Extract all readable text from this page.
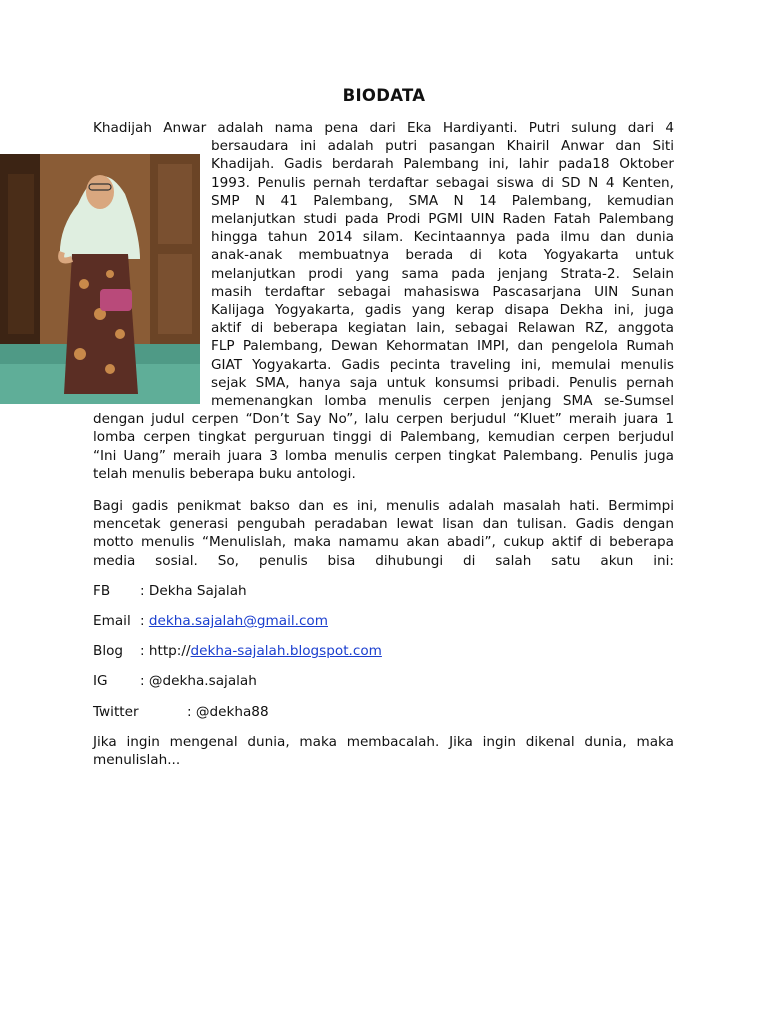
BIODATA
Khadijah Anwar adalah nama pena dari Eka Hardiyanti. Putri sulung dari 4
bersaudara ini adalah putri pasangan Khairil Anwar dan Siti
Khadijah. Gadis berdarah Palembang ini, lahir pada18 Oktober
1993. Penulis pernah terdaftar sebagai siswa di SD N 4 Kenten,
SMP N 41 Palembang, SMA N 14 Palembang, kemudian
melanjutkan studi pada Prodi PGMI UIN Raden Fatah Palembang
hingga tahun 2014 silam. Kecintaannya pada ilmu dan dunia
anak-anak membuatnya berada di kota Yogyakarta untuk
melanjutkan prodi yang sama pada jenjang Strata-2. Selain
masih terdaftar sebagai mahasiswa Pascasarjana UIN Sunan
Kalijaga Yogyakarta, gadis yang kerap disapa Dekha ini, juga
aktif di beberapa kegiatan lain, sebagai Relawan RZ, anggota
FLP Palembang, Dewan Kehormatan IMPI, dan pengelola Rumah
GIAT Yogyakarta. Gadis pecinta traveling ini, memulai menulis
sejak SMA, hanya saja untuk konsumsi pribadi. Penulis pernah
memenangkan lomba menulis cerpen jenjang SMA se-Sumsel
dengan judul cerpen “Don’t Say No”, lalu cerpen berjudul “Kluet” meraih juara 1
lomba cerpen tingkat perguruan tinggi di Palembang, kemudian cerpen berjudul
“Ini Uang” meraih juara 3 lomba menulis cerpen tingkat Palembang. Penulis juga
telah menulis beberapa buku antologi.
Bagi gadis penikmat bakso dan es ini, menulis adalah masalah hati. Bermimpi
mencetak generasi pengubah peradaban lewat lisan dan tulisan. Gadis dengan
motto menulis “Menulislah, maka namamu akan abadi”, cukup aktif di beberapa
media sosial. So, penulis bisa dihubungi di salah satu akun ini:
FB : Dekha Sajalah
Email : dekha.sajalah@gmail.com
Blog : http://dekha-sajalah.blogspot.com
IG : @dekha.sajalah
Twitter	: @dekha88
Jika ingin mengenal dunia, maka membacalah. Jika ingin dikenal dunia, maka
menulislah...
